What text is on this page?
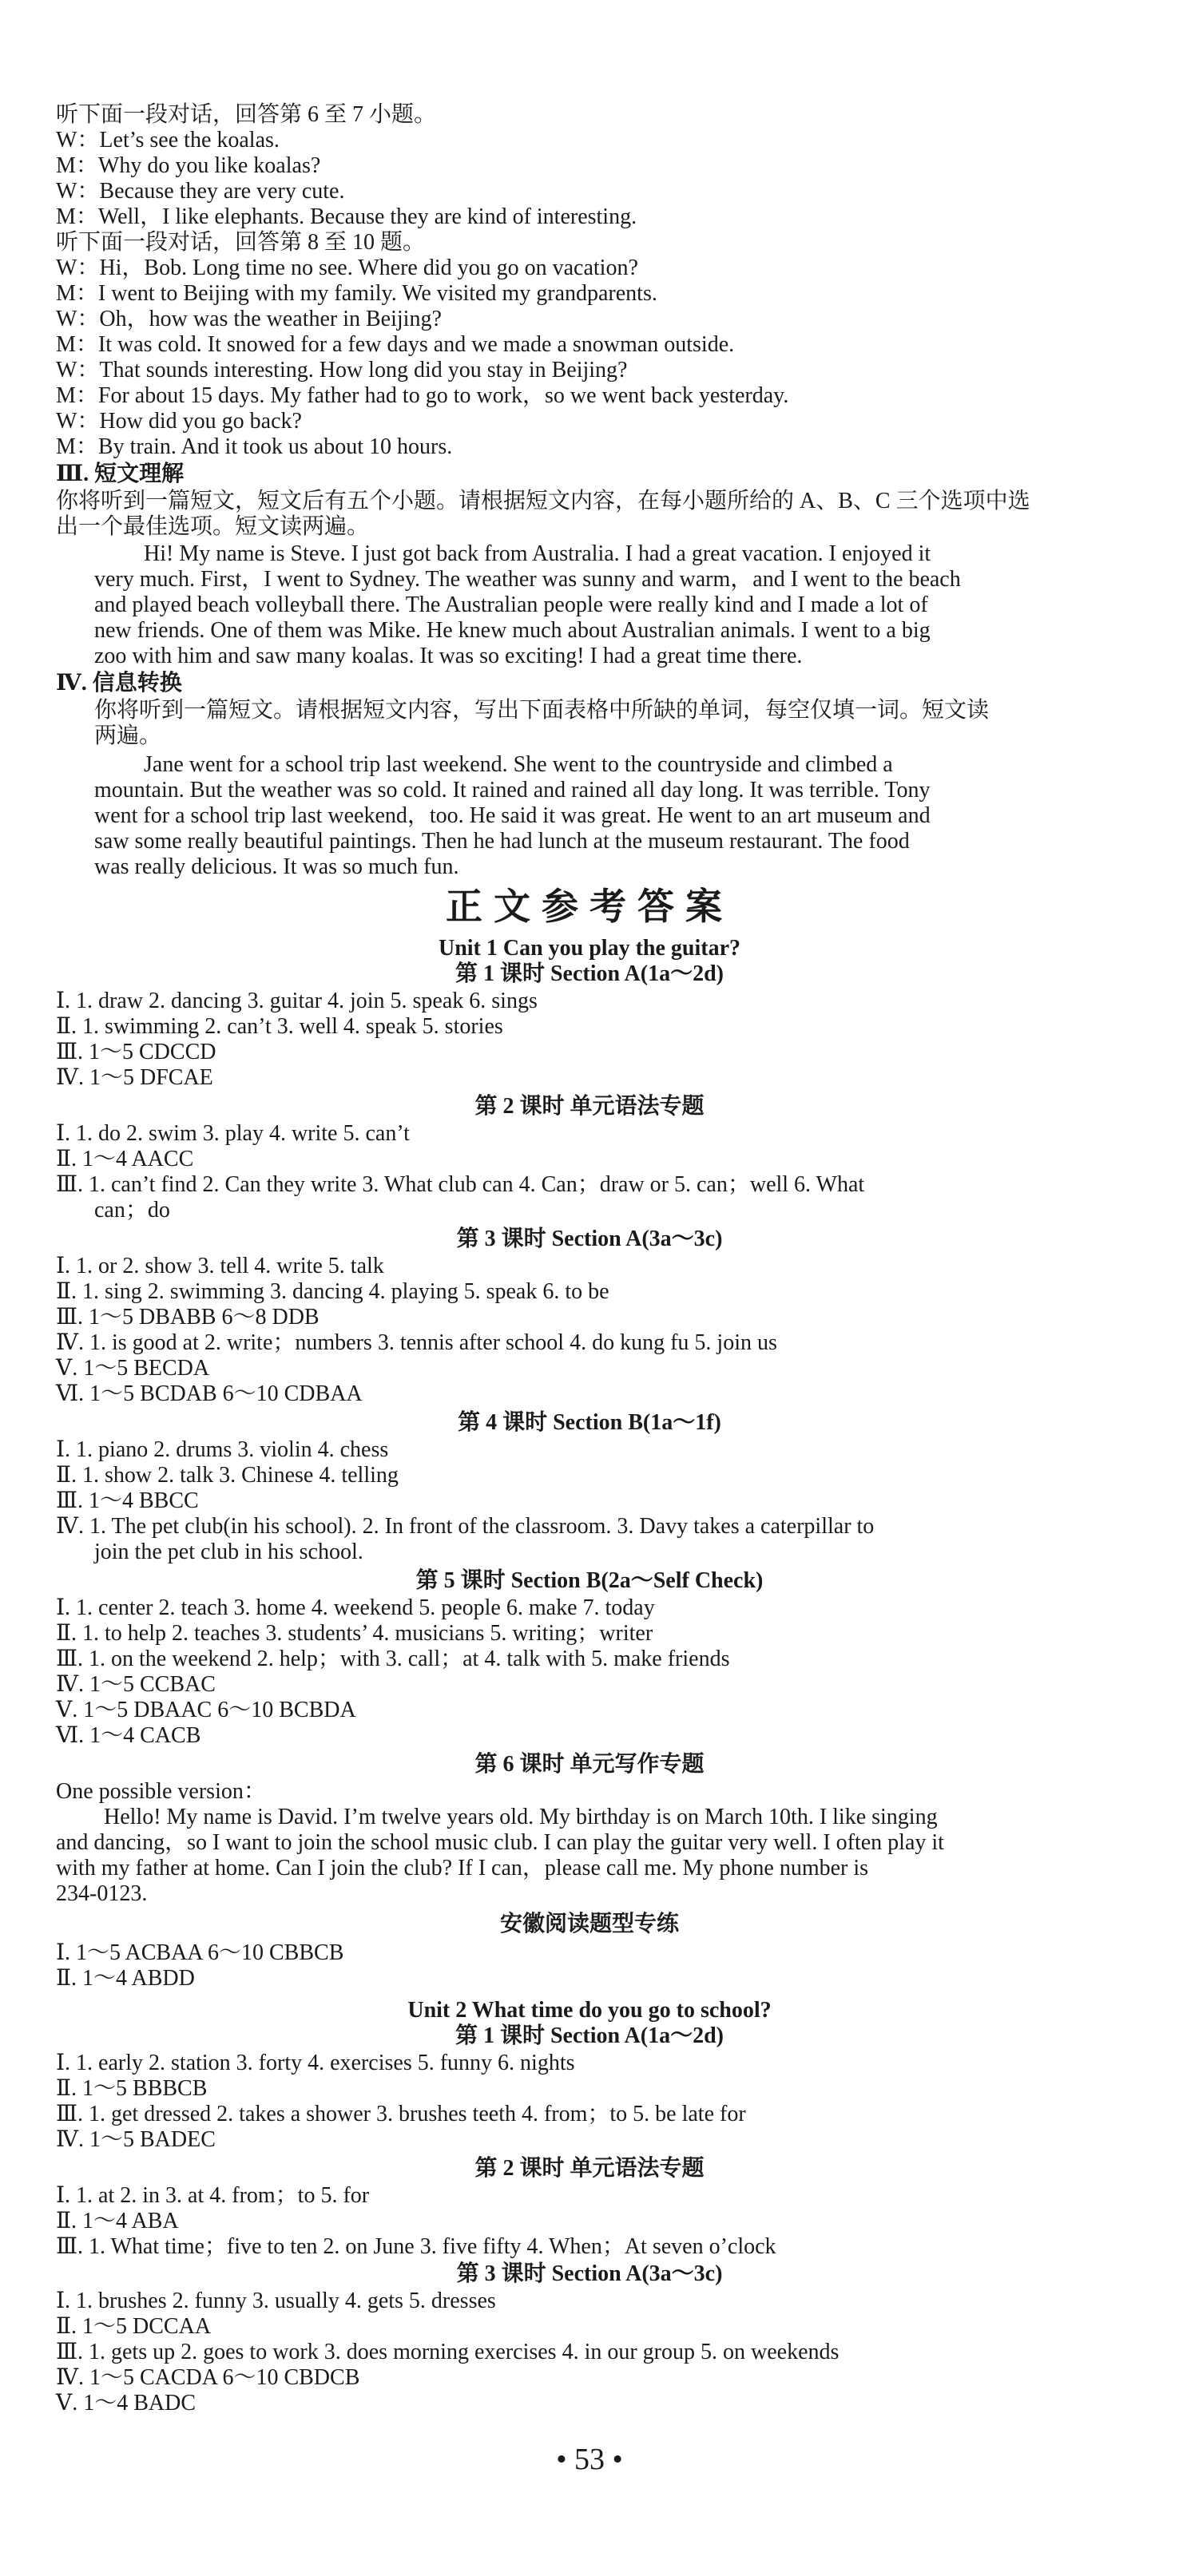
听下面一段对话，回答第 6 至 7 小题。
W：Let’s see the koalas.
M：Why do you like koalas?
W：Because they are very cute.
M：Well，I like elephants. Because they are kind of interesting.
听下面一段对话，回答第 8 至 10 题。
W：Hi，Bob. Long time no see. Where did you go on vacation?
M：I went to Beijing with my family. We visited my grandparents.
W：Oh，how was the weather in Beijing?
M：It was cold. It snowed for a few days and we made a snowman outside.
W：That sounds interesting. How long did you stay in Beijing?
M：For about 15 days. My father had to go to work，so we went back yesterday.
W：How did you go back?
M：By train. And it took us about 10 hours.
Ⅲ. 短文理解
你将听到一篇短文，短文后有五个小题。请根据短文内容，在每小题所给的 A、B、C 三个选项中选
出一个最佳选项。短文读两遍。
Hi! My name is Steve. I just got back from Australia. I had a great vacation. I enjoyed it
very much. First，I went to Sydney. The weather was sunny and warm，and I went to the beach
and played beach volleyball there. The Australian people were really kind and I made a lot of
new friends. One of them was Mike. He knew much about Australian animals. I went to a big
zoo with him and saw many koalas. It was so exciting! I had a great time there.
Ⅳ. 信息转换
你将听到一篇短文。请根据短文内容，写出下面表格中所缺的单词，每空仅填一词。短文读
两遍。
Jane went for a school trip last weekend. She went to the countryside and climbed a
mountain. But the weather was so cold. It rained and rained all day long. It was terrible. Tony
went for a school trip last weekend，too. He said it was great. He went to an art museum and
saw some really beautiful paintings. Then he had lunch at the museum restaurant. The food
was really delicious. It was so much fun.
正文参考答案
Unit 1 Can you play the guitar?
第 1 课时 Section A(1a～2d)
Ⅰ. 1. draw 2. dancing 3. guitar 4. join 5. speak 6. sings
Ⅱ. 1. swimming 2. can’t 3. well 4. speak 5. stories
Ⅲ. 1～5 CDCCD
Ⅳ. 1～5 DFCAE
第 2 课时 单元语法专题
Ⅰ. 1. do 2. swim 3. play 4. write 5. can’t
Ⅱ. 1～4 AACC
Ⅲ. 1. can’t find 2. Can they write 3. What club can 4. Can；draw or 5. can；well 6. What
can；do
第 3 课时 Section A(3a～3c)
Ⅰ. 1. or 2. show 3. tell 4. write 5. talk
Ⅱ. 1. sing 2. swimming 3. dancing 4. playing 5. speak 6. to be
Ⅲ. 1～5 DBABB 6～8 DDB
Ⅳ. 1. is good at 2. write；numbers 3. tennis after school 4. do kung fu 5. join us
Ⅴ. 1～5 BECDA
Ⅵ. 1～5 BCDAB 6～10 CDBAA
第 4 课时 Section B(1a～1f)
Ⅰ. 1. piano 2. drums 3. violin 4. chess
Ⅱ. 1. show 2. talk 3. Chinese 4. telling
Ⅲ. 1～4 BBCC
Ⅳ. 1. The pet club(in his school). 2. In front of the classroom. 3. Davy takes a caterpillar to
join the pet club in his school.
第 5 课时 Section B(2a～Self Check)
Ⅰ. 1. center 2. teach 3. home 4. weekend 5. people 6. make 7. today
Ⅱ. 1. to help 2. teaches 3. students’ 4. musicians 5. writing；writer
Ⅲ. 1. on the weekend 2. help；with 3. call；at 4. talk with 5. make friends
Ⅳ. 1～5 CCBAC
Ⅴ. 1～5 DBAAC 6～10 BCBDA
Ⅵ. 1～4 CACB
第 6 课时 单元写作专题
One possible version：
Hello! My name is David. I’m twelve years old. My birthday is on March 10th. I like singing
and dancing，so I want to join the school music club. I can play the guitar very well. I often play it
with my father at home. Can I join the club? If I can，please call me. My phone number is
234-0123.
安徽阅读题型专练
Ⅰ. 1～5 ACBAA 6～10 CBBCB
Ⅱ. 1～4 ABDD
Unit 2 What time do you go to school?
第 1 课时 Section A(1a～2d)
Ⅰ. 1. early 2. station 3. forty 4. exercises 5. funny 6. nights
Ⅱ. 1～5 BBBCB
Ⅲ. 1. get dressed 2. takes a shower 3. brushes teeth 4. from；to 5. be late for
Ⅳ. 1～5 BADEC
第 2 课时 单元语法专题
Ⅰ. 1. at 2. in 3. at 4. from；to 5. for
Ⅱ. 1～4 ABA
Ⅲ. 1. What time；five to ten 2. on June 3. five fifty 4. When；At seven o’clock
第 3 课时 Section A(3a～3c)
Ⅰ. 1. brushes 2. funny 3. usually 4. gets 5. dresses
Ⅱ. 1～5 DCCAA
Ⅲ. 1. gets up 2. goes to work 3. does morning exercises 4. in our group 5. on weekends
Ⅳ. 1～5 CACDA 6～10 CBDCB
Ⅴ. 1～4 BADC
• 53 •
